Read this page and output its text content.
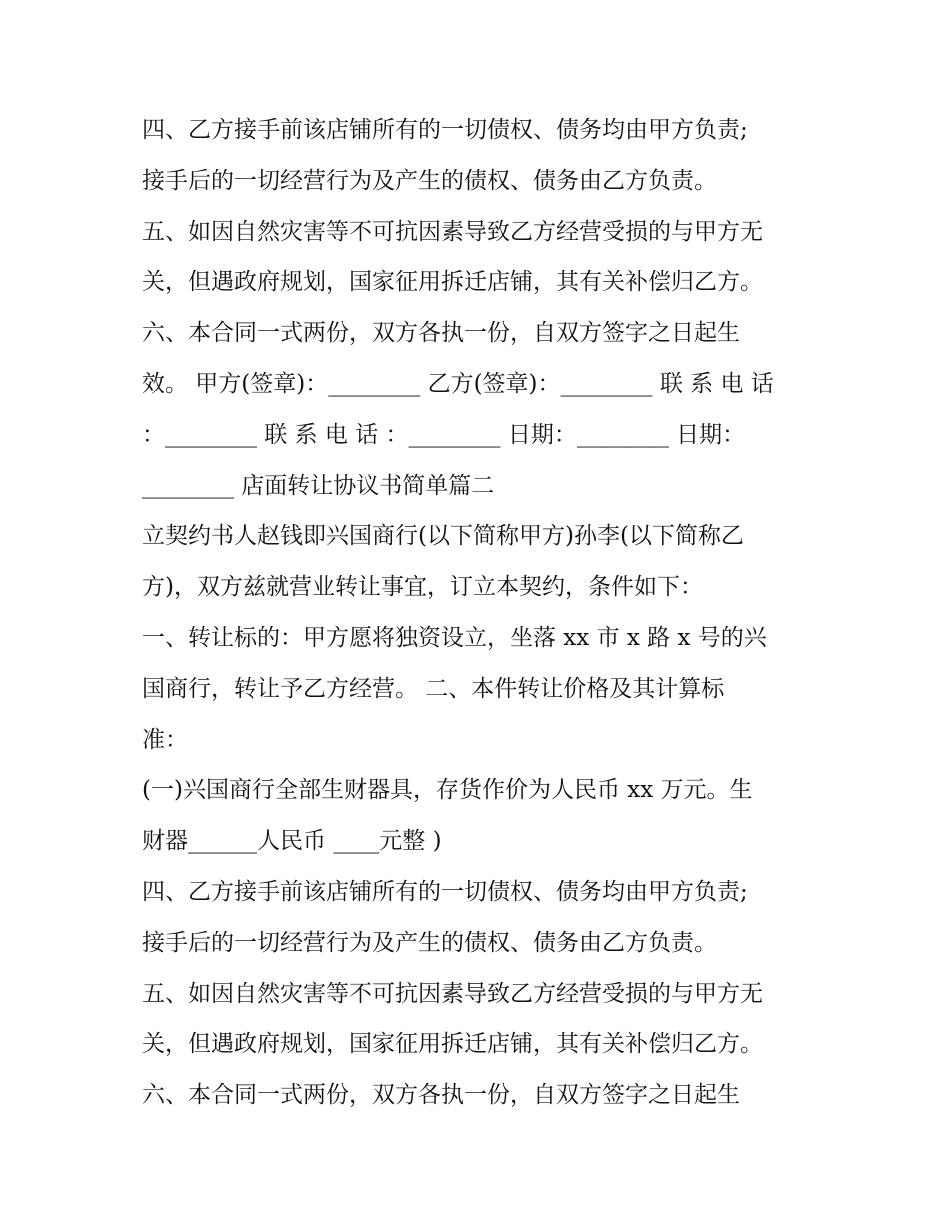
四、乙方接手前该店铺所有的一切债权、债务均由甲方负责;
接手后的一切经营行为及产生的债权、债务由乙方负责。
五、如因自然灾害等不可抗因素导致乙方经营受损的与甲方无
关，但遇政府规划，国家征用拆迁店铺，其有关补偿归乙方。
六、本合同一式两份，双方各执一份，自双方签字之日起生
效。 甲方(签章)：________ 乙方(签章)：________ 联 系 电 话
：________ 联 系 电 话 ：________ 日期：________ 日期：
________ 店面转让协议书简单篇二
立契约书人赵钱即兴国商行(以下简称甲方)孙李(以下简称乙
方)，双方兹就营业转让事宜，订立本契约，条件如下：
一、转让标的：甲方愿将独资设立，坐落 xx 市 x 路 x 号的兴
国商行，转让予乙方经营。 二、本件转让价格及其计算标
准：
(一)兴国商行全部生财器具，存货作价为人民币 xx 万元。生
财器______人民币 ____元整 )
四、乙方接手前该店铺所有的一切债权、债务均由甲方负责;
接手后的一切经营行为及产生的债权、债务由乙方负责。
五、如因自然灾害等不可抗因素导致乙方经营受损的与甲方无
关，但遇政府规划，国家征用拆迁店铺，其有关补偿归乙方。
六、本合同一式两份，双方各执一份，自双方签字之日起生
